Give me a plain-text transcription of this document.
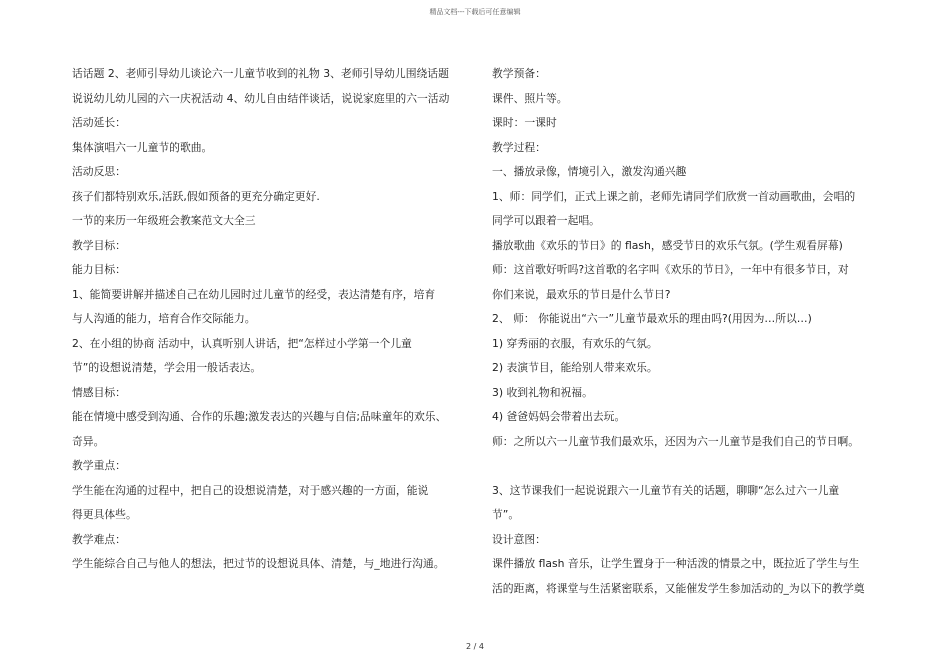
精品文档---下载后可任意编辑
话话题 2、老师引导幼儿谈论六一儿童节收到的礼物 3、老师引导幼儿围绕话题
说说幼儿幼儿园的六一庆祝活动 4、幼儿自由结伴谈话，说说家庭里的六一活动
活动延长：
集体演唱六一儿童节的歌曲。
活动反思：
孩子们都特别欢乐,活跃,假如预备的更充分确定更好.
一节的来历一年级班会教案范文大全三
教学目标：
能力目标：
1、能简要讲解并描述自己在幼儿园时过儿童节的经受，表达清楚有序，培育
与人沟通的能力，培育合作交际能力。
2、在小组的协商 活动中，认真听别人讲话，把“怎样过小学第一个儿童
节”的设想说清楚，学会用一般话表达。
情感目标：
能在情境中感受到沟通、合作的乐趣;激发表达的兴趣与自信;品味童年的欢乐、
奇异。
教学重点：
学生能在沟通的过程中，把自己的设想说清楚，对于感兴趣的一方面，能说
得更具体些。
教学难点：
学生能综合自己与他人的想法，把过节的设想说具体、清楚，与_地进行沟通。
教学预备：
课件、照片等。
课时：一课时
教学过程：
一、播放录像，情境引入，激发沟通兴趣
1、师：同学们，正式上课之前，老师先请同学们欣赏一首动画歌曲，会唱的
同学可以跟着一起唱。
播放歌曲《欢乐的节日》的 flash，感受节日的欢乐气氛。(学生观看屏幕)
师：这首歌好听吗?这首歌的名字叫《欢乐的节日》，一年中有很多节日，对
你们来说，最欢乐的节日是什么节日?
2、 师： 你能说出“六一”儿童节最欢乐的理由吗?(用因为…所以…)
1) 穿秀丽的衣服，有欢乐的气氛。
2) 表演节目，能给别人带来欢乐。
3) 收到礼物和祝福。
4) 爸爸妈妈会带着出去玩。
师：之所以六一儿童节我们最欢乐，还因为六一儿童节是我们自己的节日啊。
3、这节课我们一起说说跟六一儿童节有关的话题，聊聊“怎么过六一儿童
节”。
设计意图：
课件播放 flash 音乐，让学生置身于一种活泼的情景之中，既拉近了学生与生
活的距离，将课堂与生活紧密联系，又能催发学生参加活动的_为以下的教学奠
2 / 4
